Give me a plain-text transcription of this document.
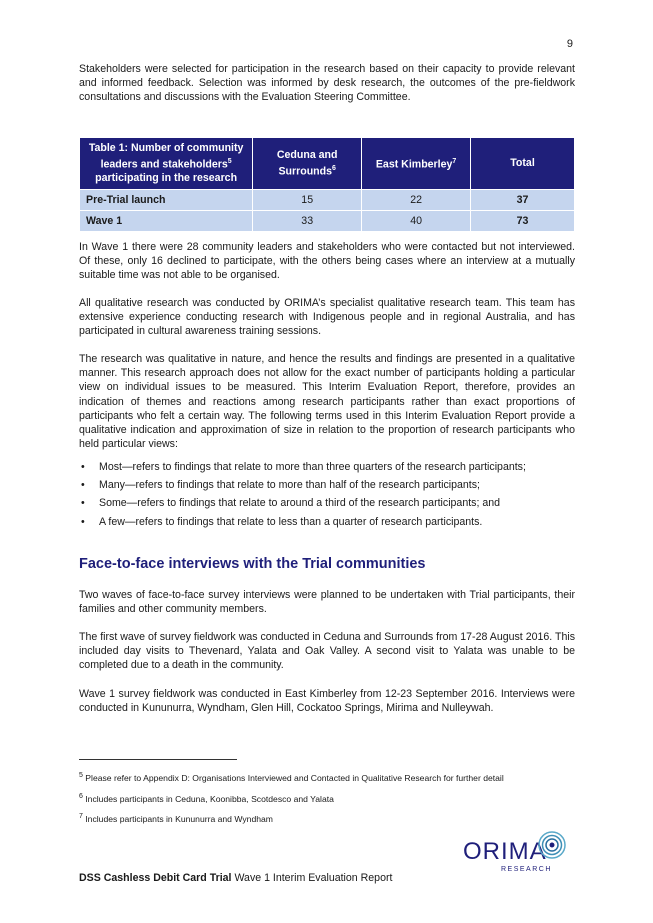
9

Stakeholders were selected for participation in the research based on their capacity to provide relevant and informed feedback. Selection was informed by desk research, the outcomes of the pre-fieldwork consultations and discussions with the Evaluation Steering Committee.

Table 1: Number of community leaders and stakeholders$^5$ participating in the research	Ceduna and Surrounds$^6$	East Kimberley$^7$	Total
Pre-Trial launch	15	22	37
Wave 1	33	40	73

In Wave 1 there were 28 community leaders and stakeholders who were contacted but not interviewed. Of these, only 16 declined to participate, with the others being cases where an interview at a mutually suitable time was not able to be organised.

All qualitative research was conducted by ORIMA’s specialist qualitative research team. This team has extensive experience conducting research with Indigenous people and in regional Australia, and has participated in cultural awareness training sessions.

The research was qualitative in nature, and hence the results and findings are presented in a qualitative manner. This research approach does not allow for the exact number of participants holding a particular view on individual issues to be measured. This Interim Evaluation Report, therefore, provides an indication of themes and reactions among research participants rather than exact proportions of participants who felt a certain way. The following terms used in this Interim Evaluation Report provide a qualitative indication and approximation of size in relation to the proportion of research participants who held particular views:

• Most—refers to findings that relate to more than three quarters of the research participants;
• Many—refers to findings that relate to more than half of the research participants;
• Some—refers to findings that relate to around a third of the research participants; and
• A few—refers to findings that relate to less than a quarter of research participants.
Face-to-face interviews with the Trial communities

Two waves of face-to-face survey interviews were planned to be undertaken with Trial participants, their families and other community members.

The first wave of survey fieldwork was conducted in Ceduna and Surrounds from 17-28 August 2016. This included day visits to Thevenard, Yalata and Oak Valley. A second visit to Yalata was unable to be completed due to a death in the community.

Wave 1 survey fieldwork was conducted in East Kimberley from 12-23 September 2016. Interviews were conducted in Kununurra, Wyndham, Glen Hill, Cockatoo Springs, Mirima and Nulleywah.

$^5$ Please refer to Appendix D: Organisations Interviewed and Contacted in Qualitative Research for further detail
$^6$ Includes participants in Ceduna, Koonibba, Scotdesco and Yalata
$^7$ Includes participants in Kununurra and Wyndham
ORIMA
RESEARCH
DSS Cashless Debit Card Trial Wave 1 Interim Evaluation Report
